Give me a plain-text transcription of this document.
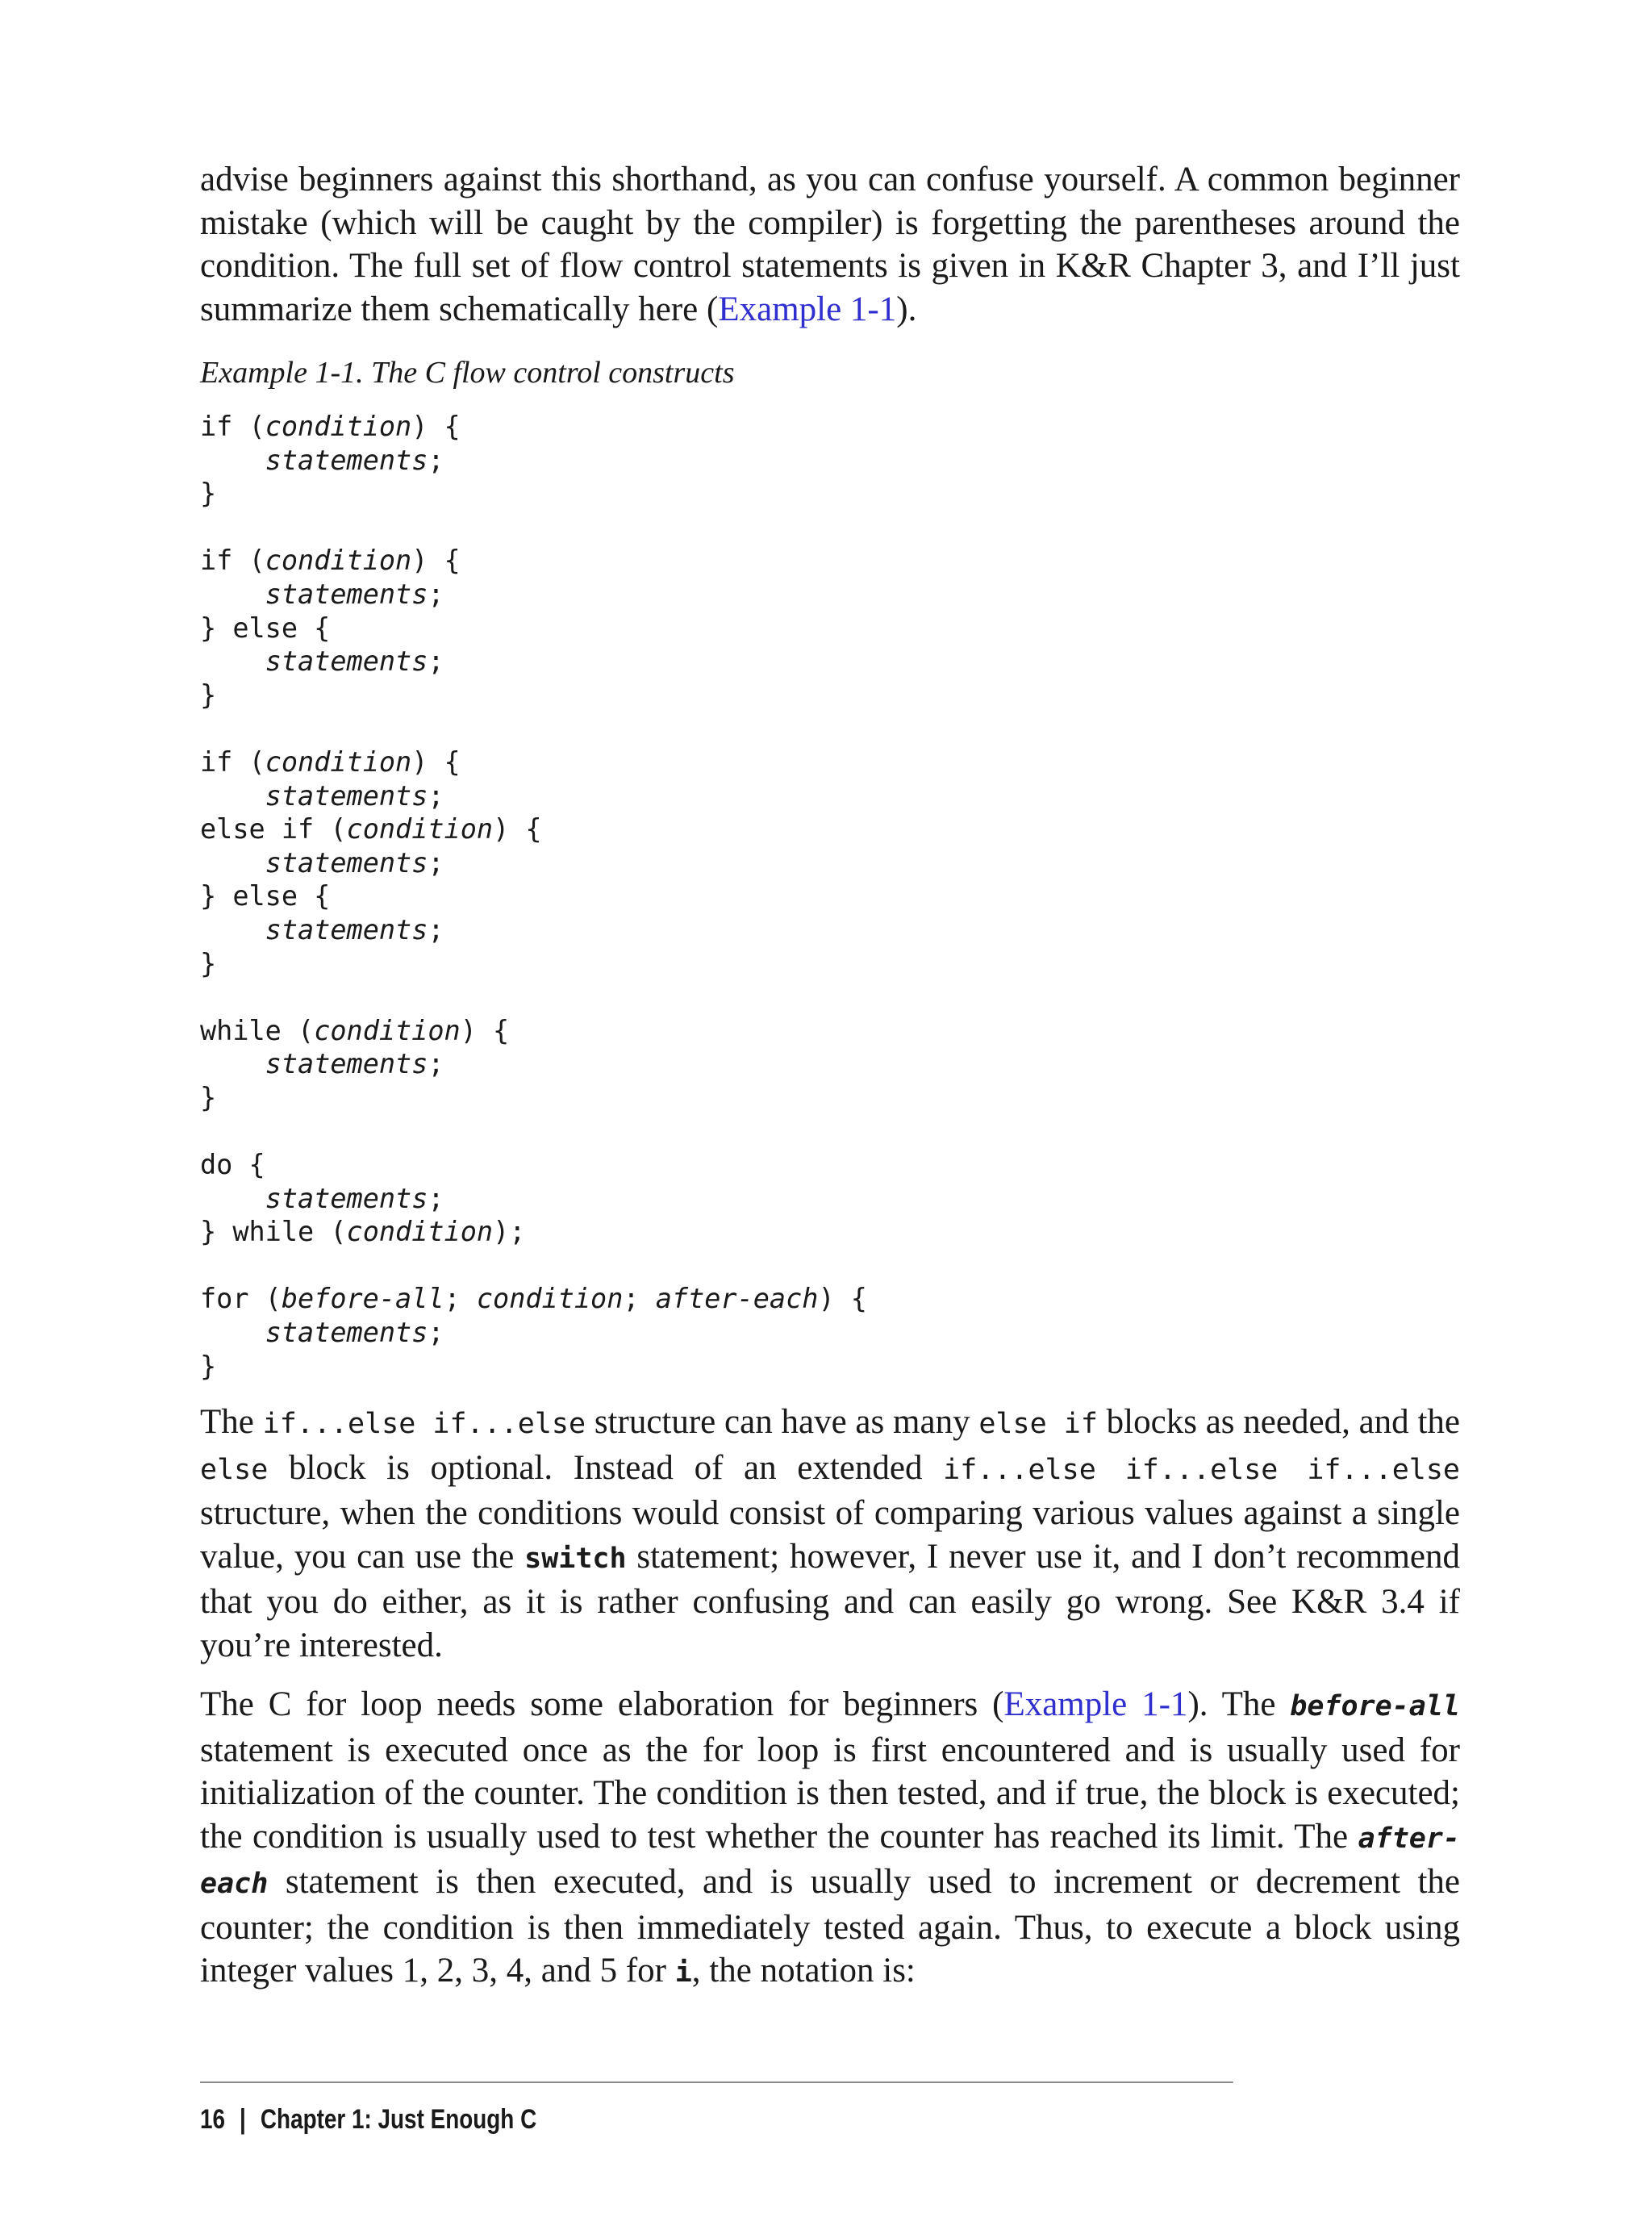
advise beginners against this shorthand, as you can confuse yourself. A common beginner mistake (which will be caught by the compiler) is forgetting the parentheses around the condition. The full set of flow control statements is given in K&R Chapter 3, and I’ll just summarize them schematically here (Example 1-1).

Example 1-1. The C flow control constructs
if (condition) {
statements;
}

if (condition) {
statements;
} else {
statements;
}

if (condition) {
statements;
else if (condition) {
statements;
} else {
statements;
}

while (condition) {
statements;
}

do {
statements;
} while (condition);

for (before-all; condition; after-each) {
statements;
}

The if...else if...else structure can have as many else if blocks as needed, and the else block is optional. Instead of an extended if...else if...else if...else structure, when the conditions would consist of comparing various values against a single value, you can use the switch statement; however, I never use it, and I don’t recommend that you do either, as it is rather confusing and can easily go wrong. See K&R 3.4 if you’re interested.

The C for loop needs some elaboration for beginners (Example 1-1). The before-all statement is executed once as the for loop is first encountered and is usually used for initialization of the counter. The condition is then tested, and if true, the block is executed; the condition is usually used to test whether the counter has reached its limit. The after-each statement is then executed, and is usually used to increment or decrement the counter; the condition is then immediately tested again. Thus, to execute a block using integer values 1, 2, 3, 4, and 5 for i, the notation is:

16 | Chapter 1: Just Enough C
